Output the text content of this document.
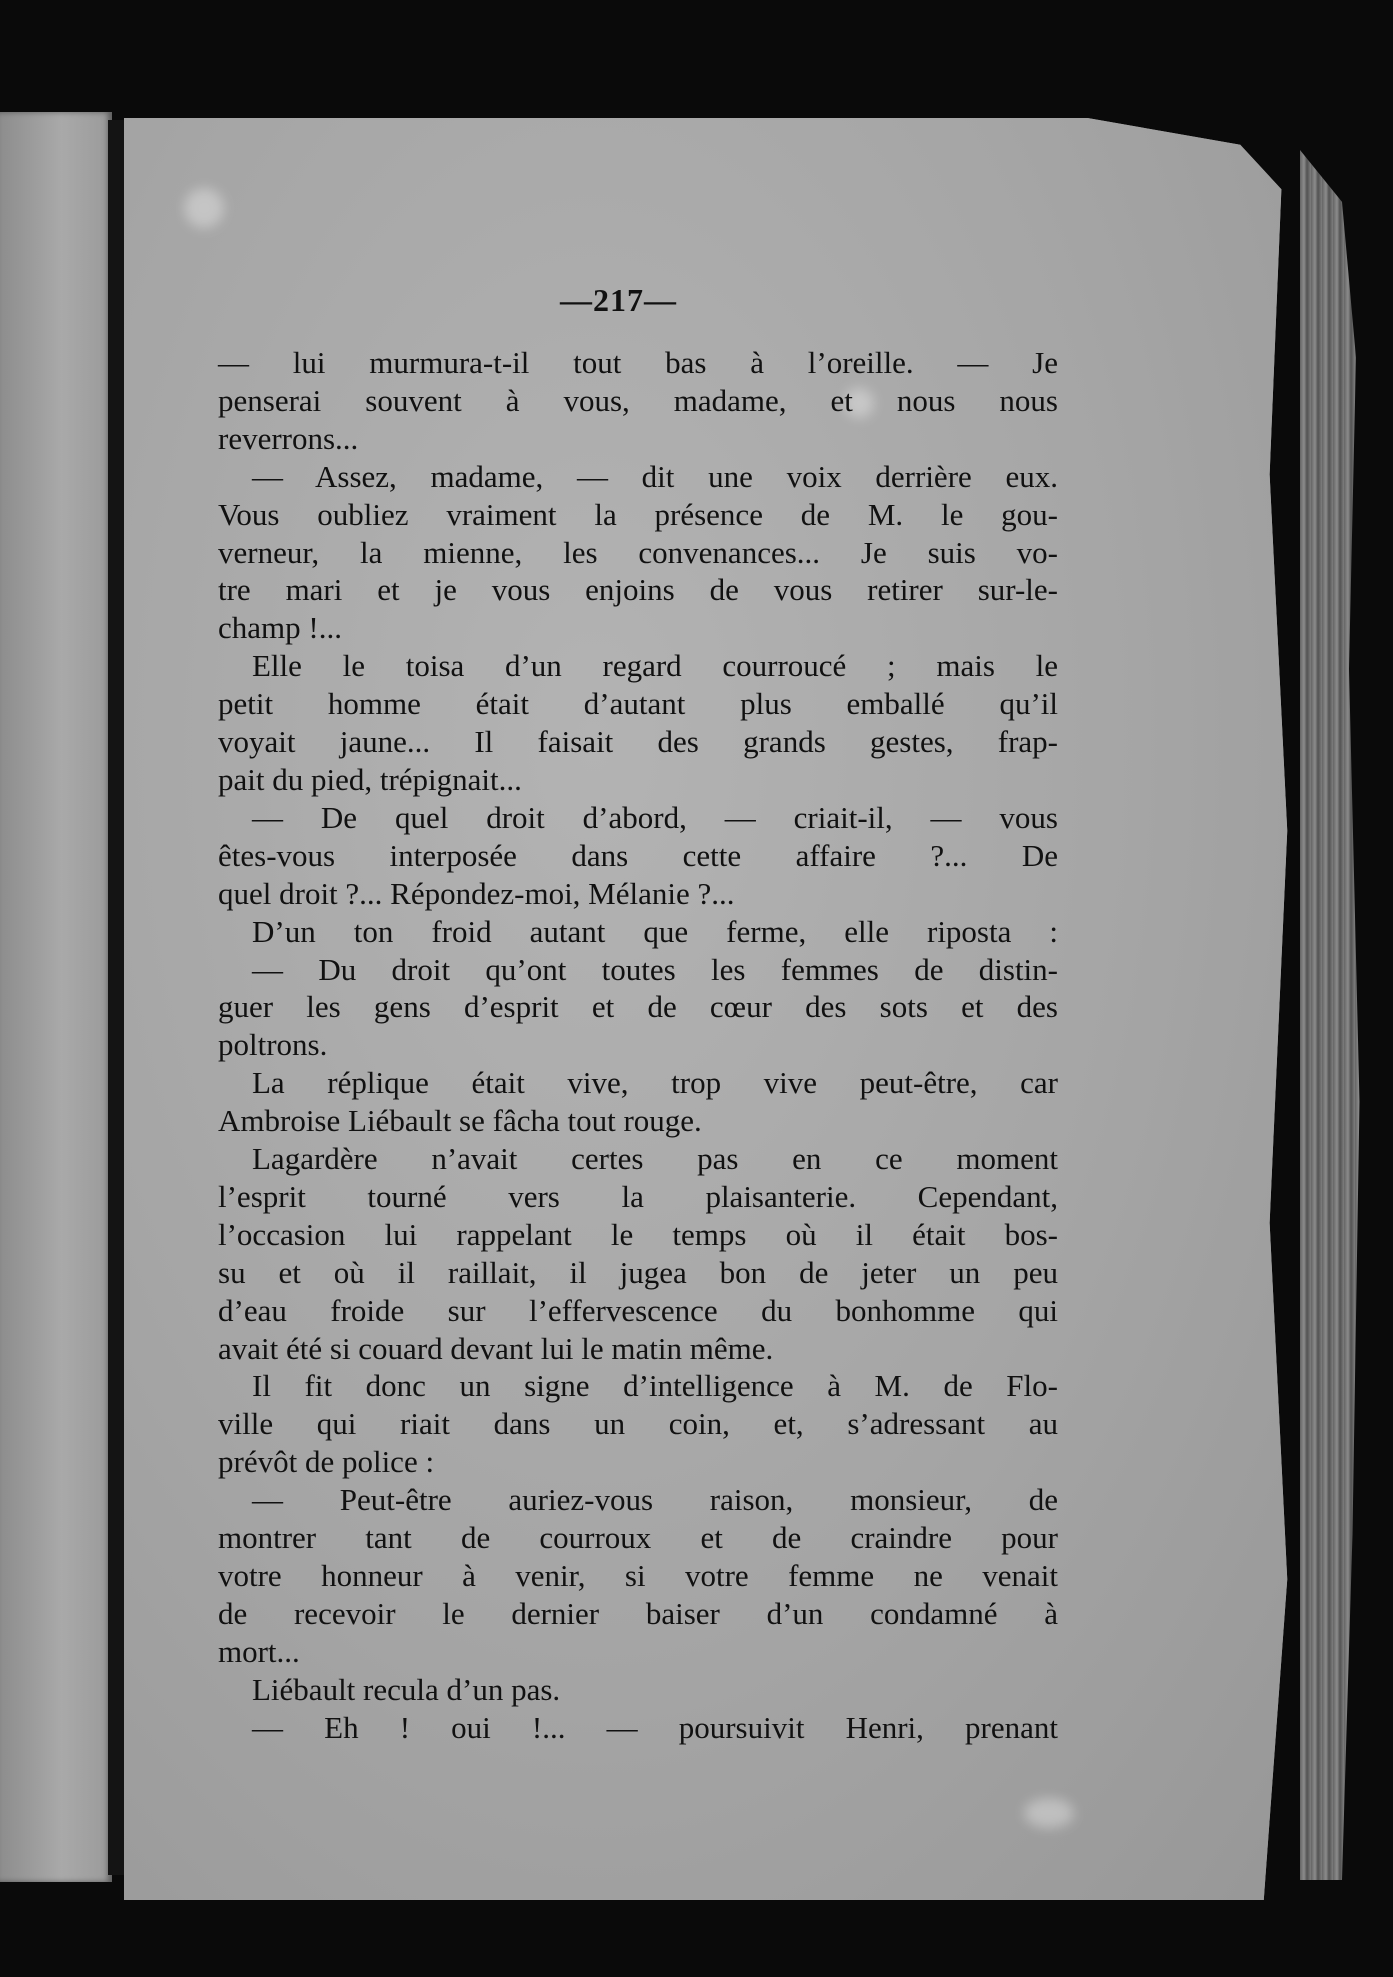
—217—
— lui murmura-t-il tout bas à l’oreille. — Je
penserai souvent à vous, madame, et nous nous
reverrons...
— Assez, madame, — dit une voix derrière eux.
Vous oubliez vraiment la présence de M. le gou-
verneur, la mienne, les convenances... Je suis vo-
tre mari et je vous enjoins de vous retirer sur-le-
champ !...
Elle le toisa d’un regard courroucé ; mais le
petit homme était d’autant plus emballé qu’il
voyait jaune... Il faisait des grands gestes, frap-
pait du pied, trépignait...
— De quel droit d’abord, — criait-il, — vous
êtes-vous interposée dans cette affaire ?... De
quel droit ?... Répondez-moi, Mélanie ?...
D’un ton froid autant que ferme, elle riposta :
— Du droit qu’ont toutes les femmes de distin-
guer les gens d’esprit et de cœur des sots et des
poltrons.
La réplique était vive, trop vive peut-être, car
Ambroise Liébault se fâcha tout rouge.
Lagardère n’avait certes pas en ce moment
l’esprit tourné vers la plaisanterie. Cependant,
l’occasion lui rappelant le temps où il était bos-
su et où il raillait, il jugea bon de jeter un peu
d’eau froide sur l’effervescence du bonhomme qui
avait été si couard devant lui le matin même.
Il fit donc un signe d’intelligence à M. de Flo-
ville qui riait dans un coin, et, s’adressant au
prévôt de police :
— Peut-être auriez-vous raison, monsieur, de
montrer tant de courroux et de craindre pour
votre honneur à venir, si votre femme ne venait
de recevoir le dernier baiser d’un condamné à
mort...
Liébault recula d’un pas.
— Eh ! oui !... — poursuivit Henri, prenant
